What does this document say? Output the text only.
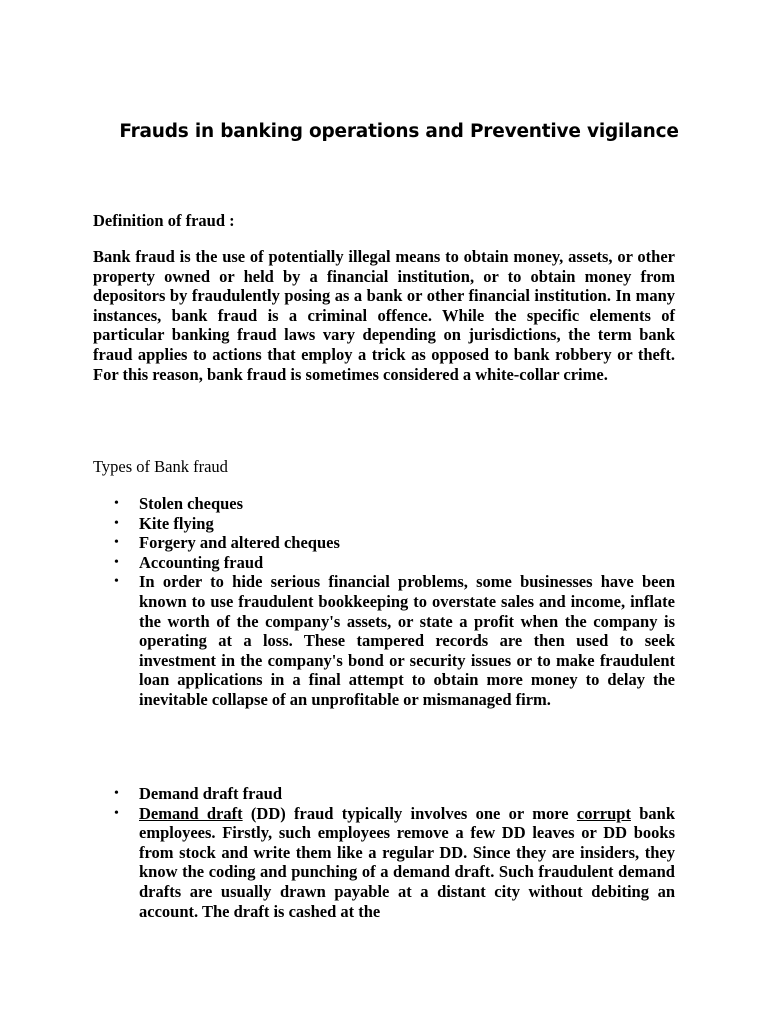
Frauds in banking operations and Preventive vigilance
Definition of fraud :
Bank fraud is the use of potentially illegal means to obtain money, assets, or other property owned or held by a financial institution, or to obtain money from depositors by fraudulently posing as a bank or other financial institution. In many instances, bank fraud is a criminal offence. While the specific elements of particular banking fraud laws vary depending on jurisdictions, the term bank fraud applies to actions that employ a trick as opposed to bank robbery or theft. For this reason, bank fraud is sometimes considered a white-collar crime.
Types of Bank fraud
• Stolen cheques
• Kite flying
• Forgery and altered cheques
• Accounting fraud
• In order to hide serious financial problems, some businesses have been known to use fraudulent bookkeeping to overstate sales and income, inflate the worth of the company's assets, or state a profit when the company is operating at a loss. These tampered records are then used to seek investment in the company's bond or security issues or to make fraudulent loan applications in a final attempt to obtain more money to delay the inevitable collapse of an unprofitable or mismanaged firm.
• Demand draft fraud
• Demand draft (DD) fraud typically involves one or more corrupt bank employees. Firstly, such employees remove a few DD leaves or DD books from stock and write them like a regular DD. Since they are insiders, they know the coding and punching of a demand draft. Such fraudulent demand drafts are usually drawn payable at a distant city without debiting an account. The draft is cashed at the
